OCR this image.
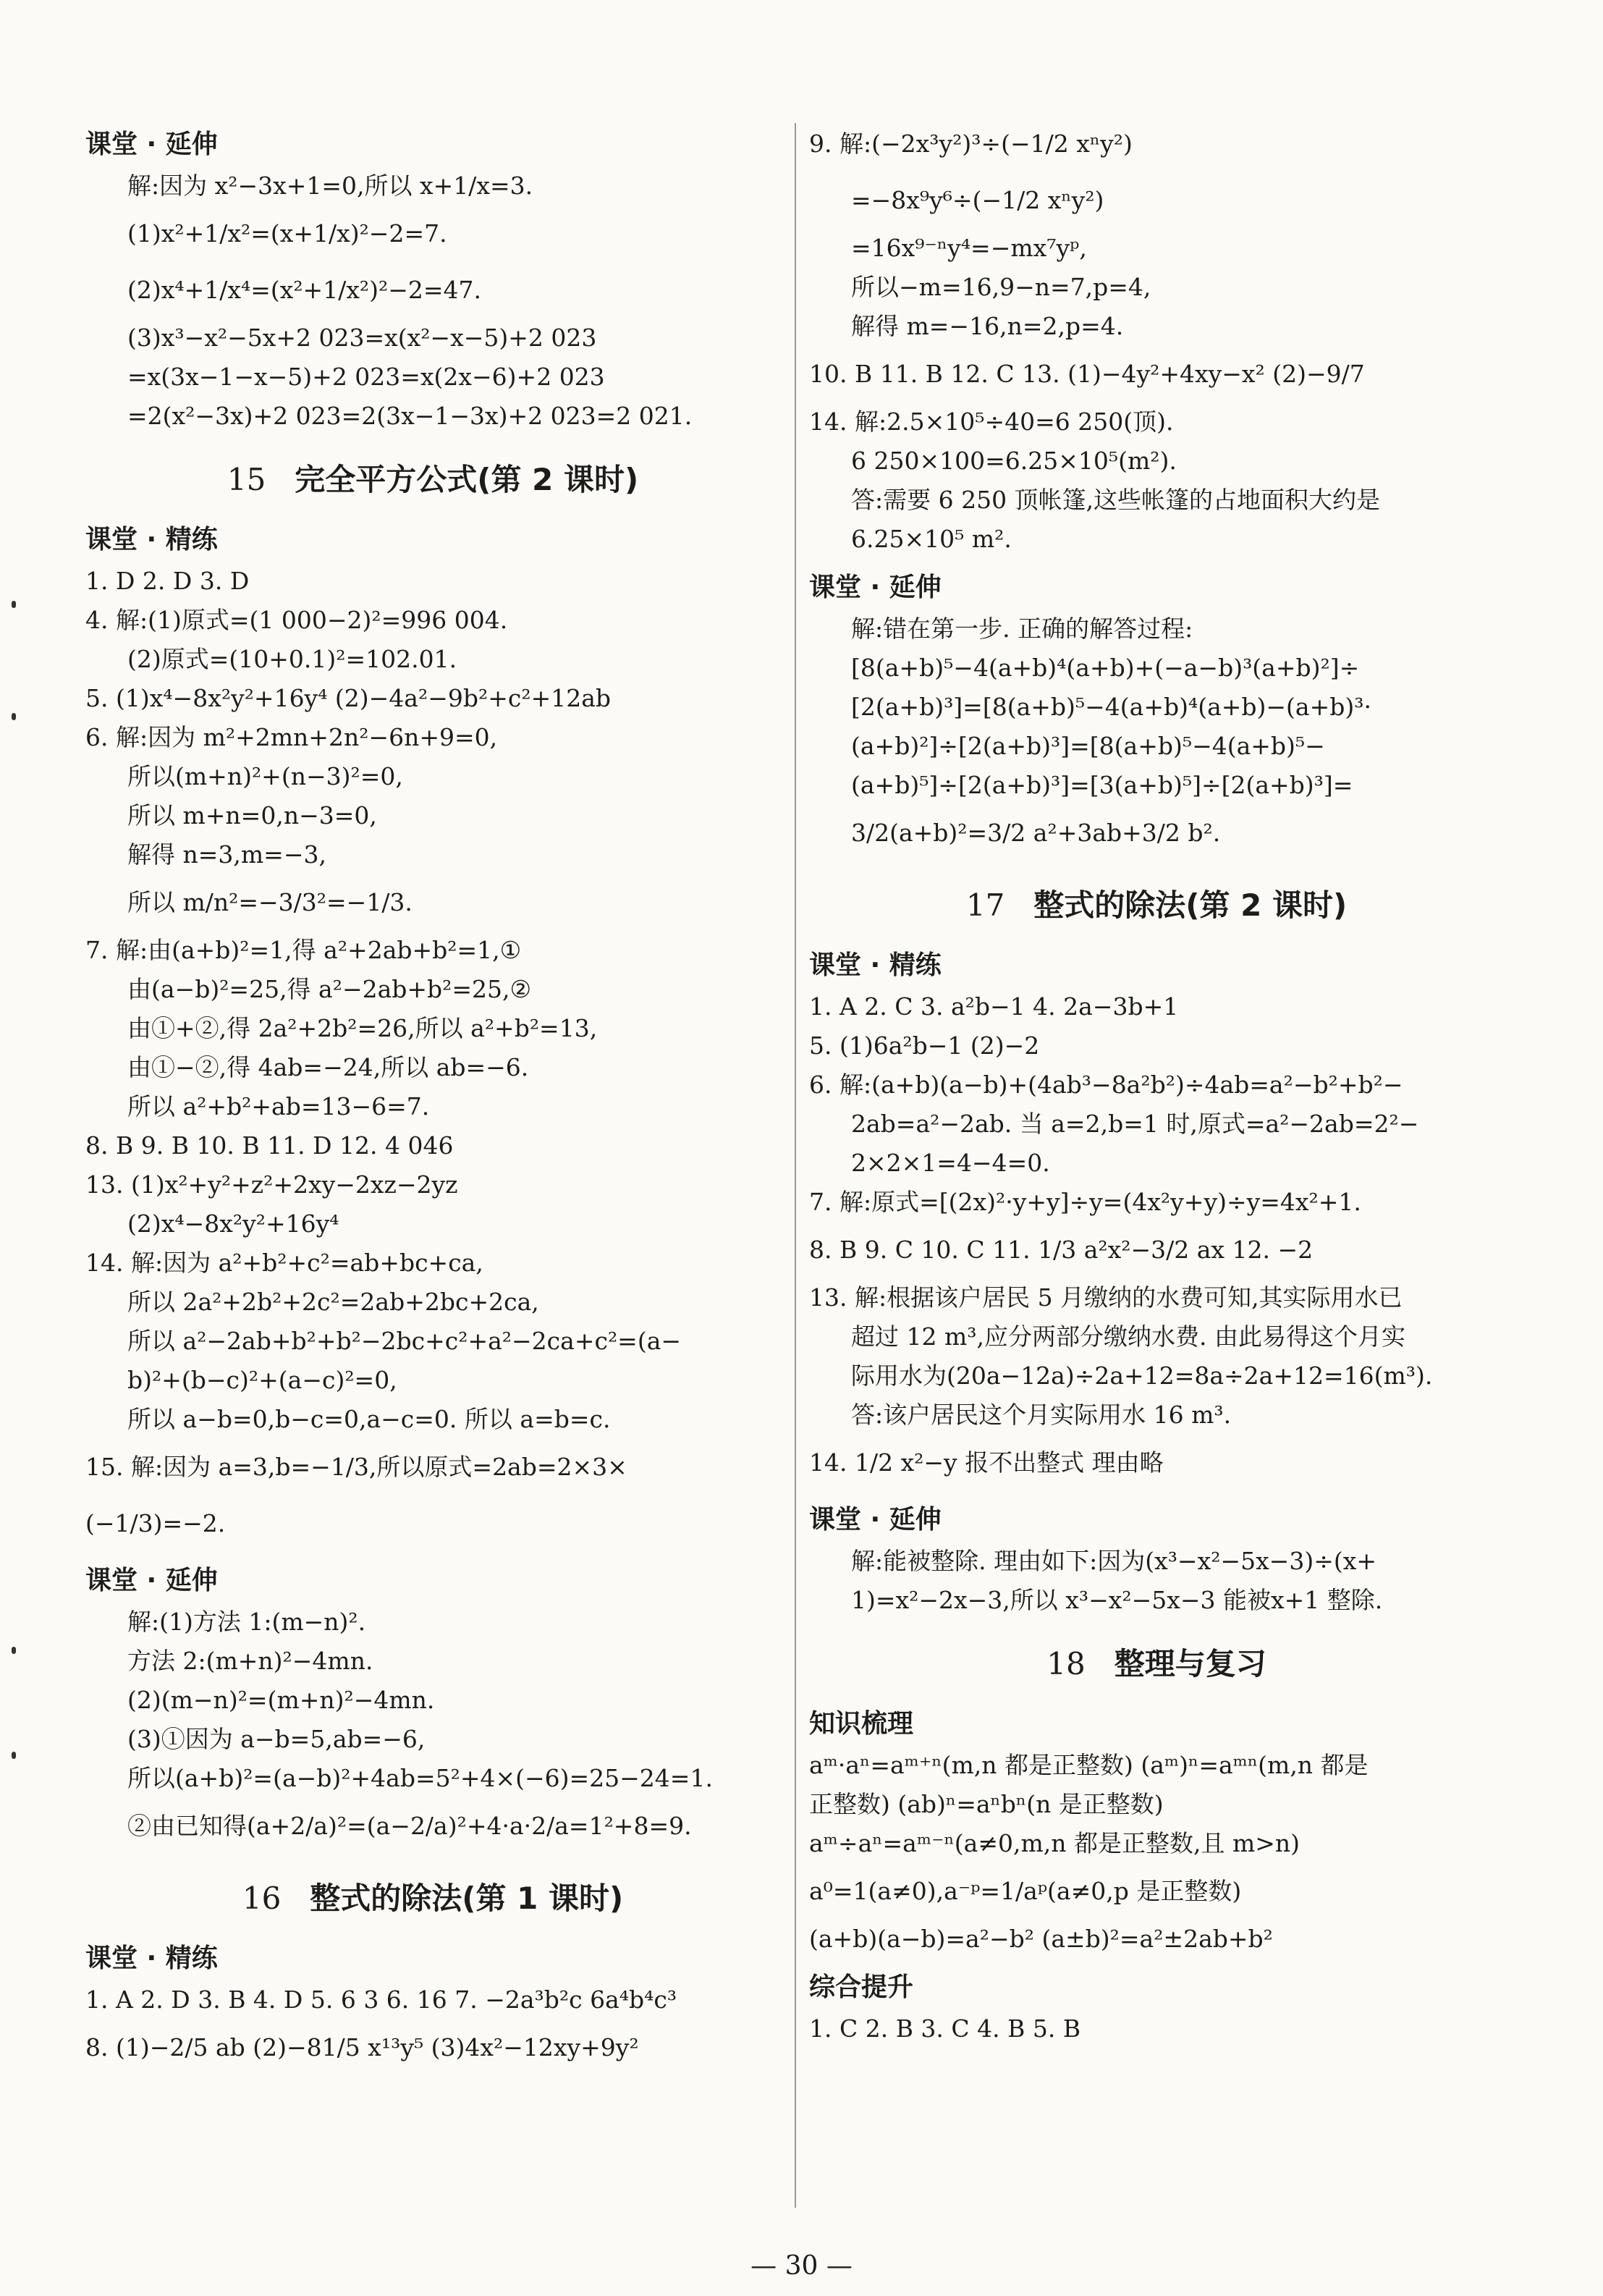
课堂 · 延伸
解:因为 x²−3x+1=0,所以 x+1/x=3.
(1)x²+1/x²=(x+1/x)²−2=7.
(2)x⁴+1/x⁴=(x²+1/x²)²−2=47.
(3)x³−x²−5x+2 023=x(x²−x−5)+2 023
=x(3x−1−x−5)+2 023=x(2x−6)+2 023
=2(x²−3x)+2 023=2(3x−1−3x)+2 023=2 021.
15 完全平方公式(第 2 课时)
课堂 · 精练
1. D 2. D 3. D
4. 解:(1)原式=(1 000−2)²=996 004.
(2)原式=(10+0.1)²=102.01.
5. (1)x⁴−8x²y²+16y⁴ (2)−4a²−9b²+c²+12ab
6. 解:因为 m²+2mn+2n²−6n+9=0,
所以(m+n)²+(n−3)²=0,
所以 m+n=0,n−3=0,
解得 n=3,m=−3,
所以 m/n²=−3/3²=−1/3.
7. 解:由(a+b)²=1,得 a²+2ab+b²=1,①
由(a−b)²=25,得 a²−2ab+b²=25,②
由①+②,得 2a²+2b²=26,所以 a²+b²=13,
由①−②,得 4ab=−24,所以 ab=−6.
所以 a²+b²+ab=13−6=7.
8. B 9. B 10. B 11. D 12. 4 046
13. (1)x²+y²+z²+2xy−2xz−2yz
(2)x⁴−8x²y²+16y⁴
14. 解:因为 a²+b²+c²=ab+bc+ca,
所以 2a²+2b²+2c²=2ab+2bc+2ca,
所以 a²−2ab+b²+b²−2bc+c²+a²−2ca+c²=(a−
b)²+(b−c)²+(a−c)²=0,
所以 a−b=0,b−c=0,a−c=0. 所以 a=b=c.
15. 解:因为 a=3,b=−1/3,所以原式=2ab=2×3×
(−1/3)=−2.
课堂 · 延伸
解:(1)方法 1:(m−n)².
方法 2:(m+n)²−4mn.
(2)(m−n)²=(m+n)²−4mn.
(3)①因为 a−b=5,ab=−6,
所以(a+b)²=(a−b)²+4ab=5²+4×(−6)=25−24=1.
②由已知得(a+2/a)²=(a−2/a)²+4·a·2/a=1²+8=9.
16 整式的除法(第 1 课时)
课堂 · 精练
1. A 2. D 3. B 4. D 5. 6 3 6. 16 7. −2a³b²c 6a⁴b⁴c³
8. (1)−2/5 ab (2)−81/5 x¹³y⁵ (3)4x²−12xy+9y²
9. 解:(−2x³y²)³÷(−1/2 xⁿy²)
=−8x⁹y⁶÷(−1/2 xⁿy²)
=16x⁹⁻ⁿy⁴=−mx⁷yᵖ,
所以−m=16,9−n=7,p=4,
解得 m=−16,n=2,p=4.
10. B 11. B 12. C 13. (1)−4y²+4xy−x² (2)−9/7
14. 解:2.5×10⁵÷40=6 250(顶).
6 250×100=6.25×10⁵(m²).
答:需要 6 250 顶帐篷,这些帐篷的占地面积大约是
6.25×10⁵ m².
课堂 · 延伸
解:错在第一步. 正确的解答过程:
[8(a+b)⁵−4(a+b)⁴(a+b)+(−a−b)³(a+b)²]÷
[2(a+b)³]=[8(a+b)⁵−4(a+b)⁴(a+b)−(a+b)³·
(a+b)²]÷[2(a+b)³]=[8(a+b)⁵−4(a+b)⁵−
(a+b)⁵]÷[2(a+b)³]=[3(a+b)⁵]÷[2(a+b)³]=
3/2(a+b)²=3/2 a²+3ab+3/2 b².
17 整式的除法(第 2 课时)
课堂 · 精练
1. A 2. C 3. a²b−1 4. 2a−3b+1
5. (1)6a²b−1 (2)−2
6. 解:(a+b)(a−b)+(4ab³−8a²b²)÷4ab=a²−b²+b²−
2ab=a²−2ab. 当 a=2,b=1 时,原式=a²−2ab=2²−
2×2×1=4−4=0.
7. 解:原式=[(2x)²·y+y]÷y=(4x²y+y)÷y=4x²+1.
8. B 9. C 10. C 11. 1/3 a²x²−3/2 ax 12. −2
13. 解:根据该户居民 5 月缴纳的水费可知,其实际用水已
超过 12 m³,应分两部分缴纳水费. 由此易得这个月实
际用水为(20a−12a)÷2a+12=8a÷2a+12=16(m³).
答:该户居民这个月实际用水 16 m³.
14. 1/2 x²−y 报不出整式 理由略
课堂 · 延伸
解:能被整除. 理由如下:因为(x³−x²−5x−3)÷(x+
1)=x²−2x−3,所以 x³−x²−5x−3 能被x+1 整除.
18 整理与复习
知识梳理
aᵐ·aⁿ=aᵐ⁺ⁿ(m,n 都是正整数) (aᵐ)ⁿ=aᵐⁿ(m,n 都是
正整数) (ab)ⁿ=aⁿbⁿ(n 是正整数)
aᵐ÷aⁿ=aᵐ⁻ⁿ(a≠0,m,n 都是正整数,且 m>n)
a⁰=1(a≠0),a⁻ᵖ=1/aᵖ(a≠0,p 是正整数)
(a+b)(a−b)=a²−b² (a±b)²=a²±2ab+b²
综合提升
1. C 2. B 3. C 4. B 5. B
— 30 —
